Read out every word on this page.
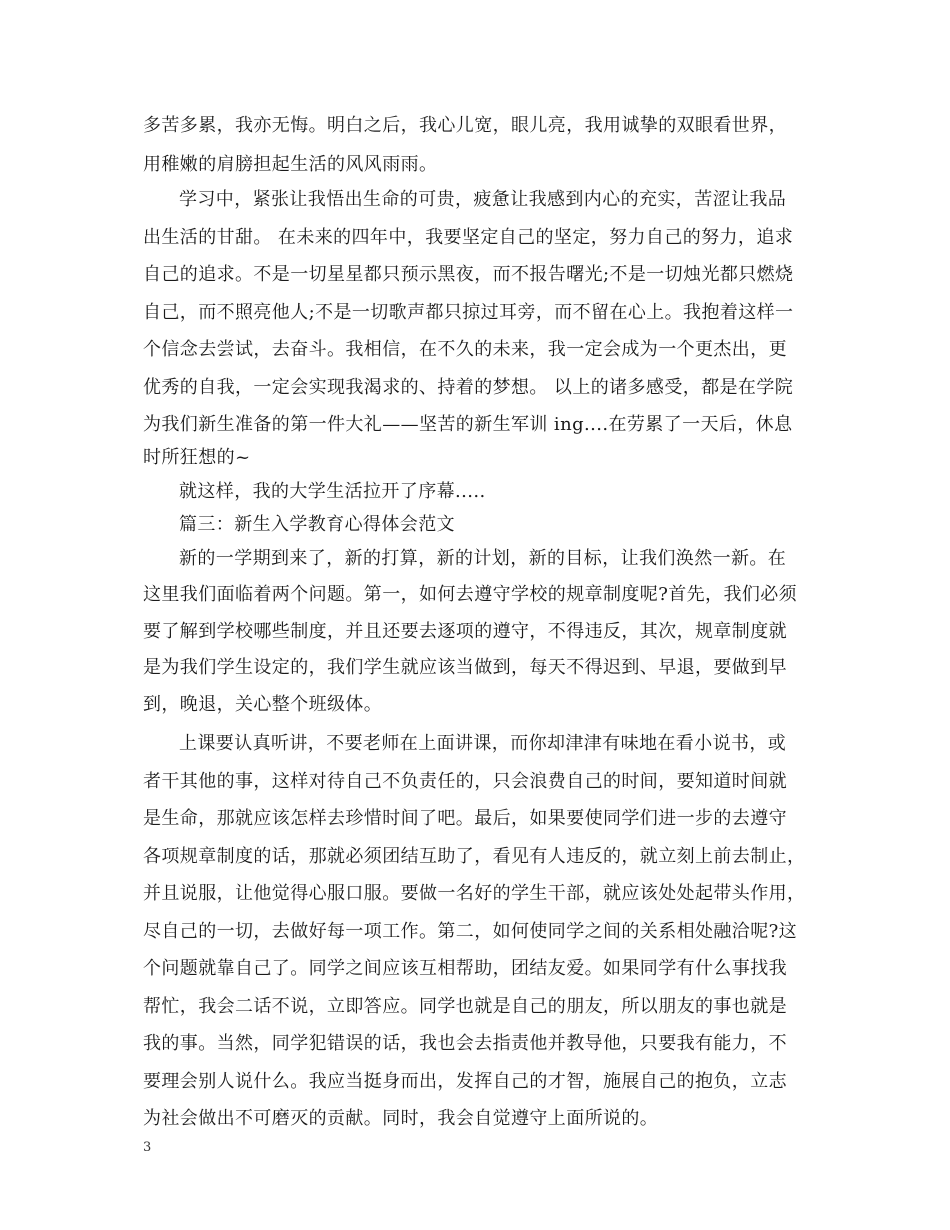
多苦多累，我亦无悔。明白之后，我心儿宽，眼儿亮，我用诚挚的双眼看世界，
用稚嫩的肩膀担起生活的风风雨雨。
学习中，紧张让我悟出生命的可贵，疲惫让我感到内心的充实，苦涩让我品
出生活的甘甜。 在未来的四年中，我要坚定自己的坚定，努力自己的努力，追求
自己的追求。不是一切星星都只预示黑夜，而不报告曙光;不是一切烛光都只燃烧
自己，而不照亮他人;不是一切歌声都只掠过耳旁，而不留在心上。我抱着这样一
个信念去尝试，去奋斗。我相信，在不久的未来，我一定会成为一个更杰出，更
优秀的自我，一定会实现我渴求的、持着的梦想。 以上的诸多感受，都是在学院
为我们新生准备的第一件大礼——坚苦的新生军训 ing....在劳累了一天后，休息
时所狂想的~
就这样，我的大学生活拉开了序幕.....
篇三：新生入学教育心得体会范文
新的一学期到来了，新的打算，新的计划，新的目标，让我们涣然一新。在
这里我们面临着两个问题。第一，如何去遵守学校的规章制度呢?首先，我们必须
要了解到学校哪些制度，并且还要去逐项的遵守，不得违反，其次，规章制度就
是为我们学生设定的，我们学生就应该当做到，每天不得迟到、早退，要做到早
到，晚退，关心整个班级体。
上课要认真听讲，不要老师在上面讲课，而你却津津有味地在看小说书，或
者干其他的事，这样对待自己不负责任的，只会浪费自己的时间，要知道时间就
是生命，那就应该怎样去珍惜时间了吧。最后，如果要使同学们进一步的去遵守
各项规章制度的话，那就必须团结互助了，看见有人违反的，就立刻上前去制止，
并且说服，让他觉得心服口服。要做一名好的学生干部，就应该处处起带头作用，
尽自己的一切，去做好每一项工作。第二，如何使同学之间的关系相处融洽呢?这
个问题就靠自己了。同学之间应该互相帮助，团结友爱。如果同学有什么事找我
帮忙，我会二话不说，立即答应。同学也就是自己的朋友，所以朋友的事也就是
我的事。当然，同学犯错误的话，我也会去指责他并教导他，只要我有能力，不
要理会别人说什么。我应当挺身而出，发挥自己的才智，施展自己的抱负，立志
为社会做出不可磨灭的贡献。同时，我会自觉遵守上面所说的。
3
